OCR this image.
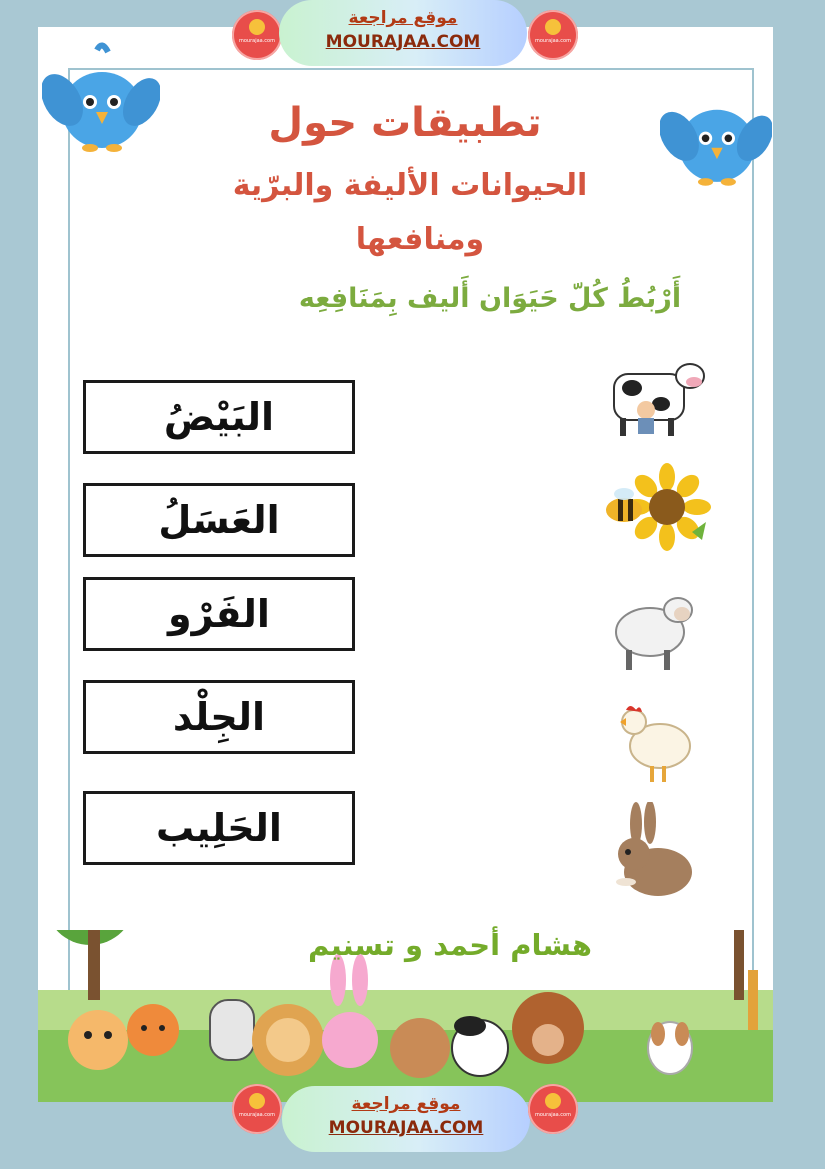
mourajaa.com
موقع مراجعة
MOURAJAA.COM	mourajaa.com
تطبيقات حول
الحيوانات الأليفة والبرّية
ومنافعها
أَرْبُطُ كُلّ حَيَوَان أَليف بِمَنَافِعِه
البَيْضُ
العَسَلُ
الفَرْو
الجِلْد
الحَلِيب
هشام أحمد و تسنيم
mourajaa.com
موقع مراجعة
MOURAJAA.COM
mourajaa.com
